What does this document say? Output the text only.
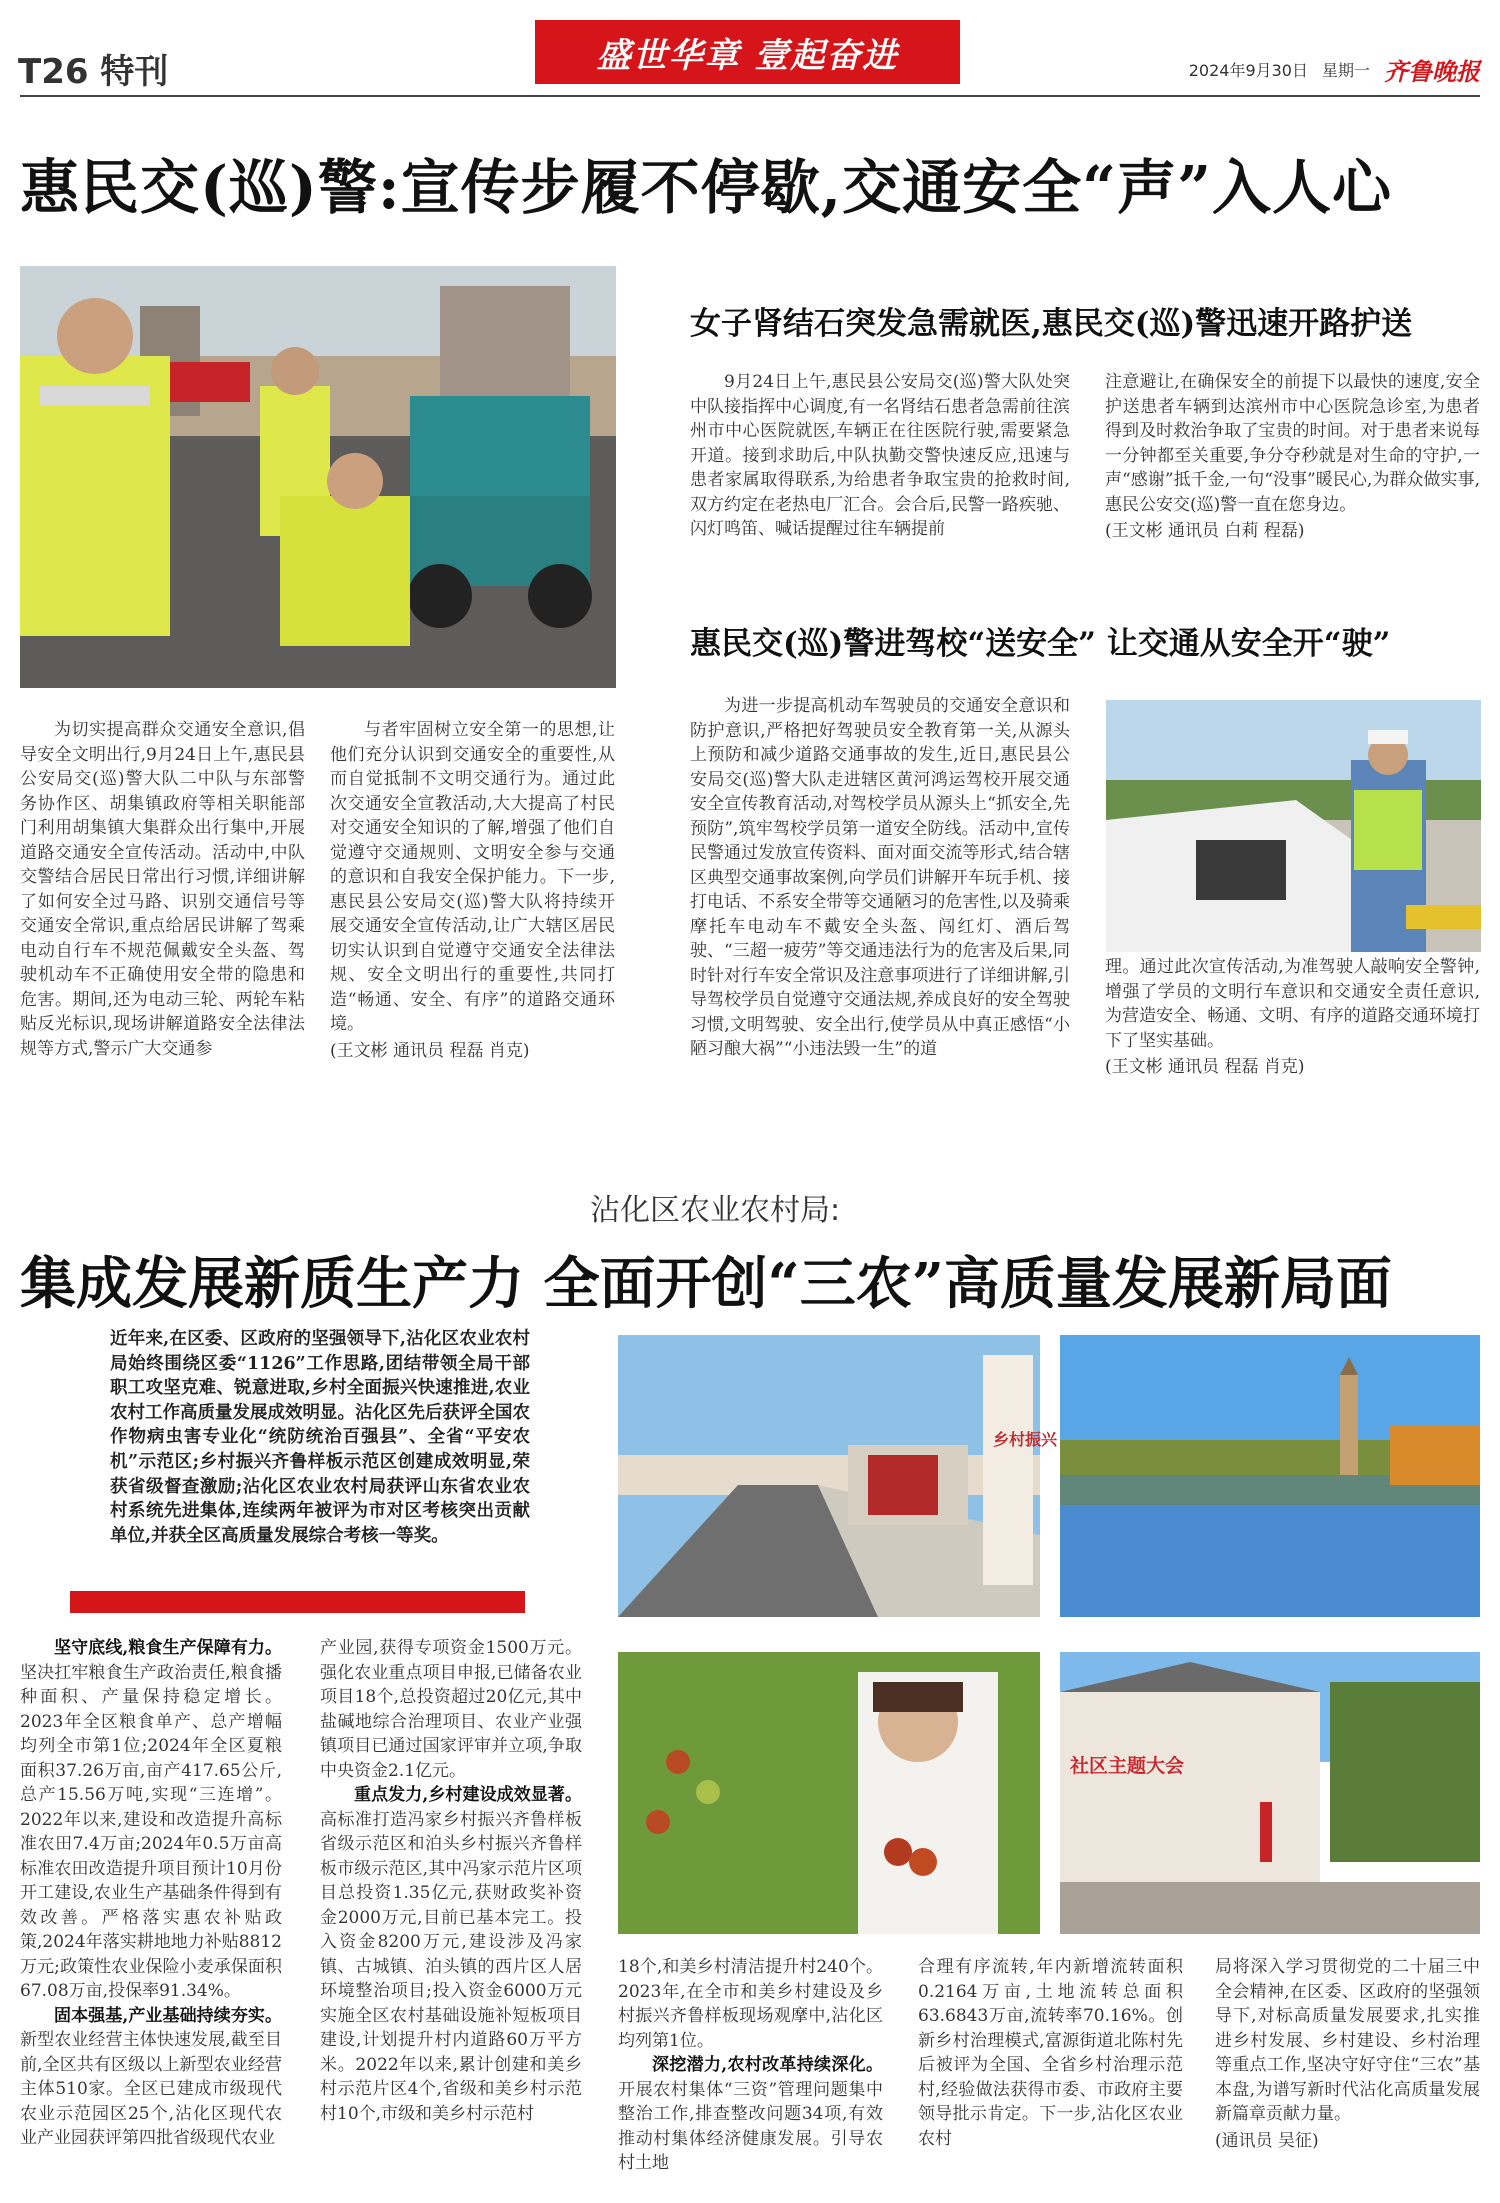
T26 特刊	盛世华章 壹起奋进	2024年9月30日 星期一 齐鲁晚报
惠民交(巡)警:宣传步履不停歇,交通安全“声”入人心

为切实提高群众交通安全意识,倡导安全文明出行,9月24日上午,惠民县公安局交(巡)警大队二中队与东部警务协作区、胡集镇政府等相关职能部门利用胡集镇大集群众出行集中,开展道路交通安全宣传活动。活动中,中队交警结合居民日常出行习惯,详细讲解了如何安全过马路、识别交通信号等交通安全常识,重点给居民讲解了驾乘电动自行车不规范佩戴安全头盔、驾驶机动车不正确使用安全带的隐患和危害。期间,还为电动三轮、两轮车粘贴反光标识,现场讲解道路安全法律法规等方式,警示广大交通参

与者牢固树立安全第一的思想,让他们充分认识到交通安全的重要性,从而自觉抵制不文明交通行为。通过此次交通安全宣教活动,大大提高了村民对交通安全知识的了解,增强了他们自觉遵守交通规则、文明安全参与交通的意识和自我安全保护能力。下一步,惠民县公安局交(巡)警大队将持续开展交通安全宣传活动,让广大辖区居民切实认识到自觉遵守交通安全法律法规、安全文明出行的重要性,共同打造“畅通、安全、有序”的道路交通环境。

(王文彬 通讯员 程磊 肖克)
女子肾结石突发急需就医,惠民交(巡)警迅速开路护送

9月24日上午,惠民县公安局交(巡)警大队处突中队接指挥中心调度,有一名肾结石患者急需前往滨州市中心医院就医,车辆正在往医院行驶,需要紧急开道。接到求助后,中队执勤交警快速反应,迅速与患者家属取得联系,为给患者争取宝贵的抢救时间,双方约定在老热电厂汇合。会合后,民警一路疾驰、闪灯鸣笛、喊话提醒过往车辆提前

注意避让,在确保安全的前提下以最快的速度,安全护送患者车辆到达滨州市中心医院急诊室,为患者得到及时救治争取了宝贵的时间。对于患者来说每一分钟都至关重要,争分夺秒就是对生命的守护,一声“感谢”抵千金,一句“没事”暖民心,为群众做实事,惠民公安交(巡)警一直在您身边。

(王文彬 通讯员 白莉 程磊)
惠民交(巡)警进驾校“送安全” 让交通从安全开“驶”

为进一步提高机动车驾驶员的交通安全意识和防护意识,严格把好驾驶员安全教育第一关,从源头上预防和减少道路交通事故的发生,近日,惠民县公安局交(巡)警大队走进辖区黄河鸿运驾校开展交通安全宣传教育活动,对驾校学员从源头上“抓安全,先预防”,筑牢驾校学员第一道安全防线。活动中,宣传民警通过发放宣传资料、面对面交流等形式,结合辖区典型交通事故案例,向学员们讲解开车玩手机、接打电话、不系安全带等交通陋习的危害性,以及骑乘摩托车电动车不戴安全头盔、闯红灯、酒后驾驶、“三超一疲劳”等交通违法行为的危害及后果,同时针对行车安全常识及注意事项进行了详细讲解,引导驾校学员自觉遵守交通法规,养成良好的安全驾驶习惯,文明驾驶、安全出行,使学员从中真正感悟“小陋习酿大祸”“小违法毁一生”的道

理。通过此次宣传活动,为准驾驶人敲响安全警钟,增强了学员的文明行车意识和交通安全责任意识,为营造安全、畅通、文明、有序的道路交通环境打下了坚实基础。

(王文彬 通讯员 程磊 肖克)
沾化区农业农村局:
集成发展新质生产力 全面开创“三农”高质量发展新局面
近年来,在区委、区政府的坚强领导下,沾化区农业农村局始终围绕区委“1126”工作思路,团结带领全局干部职工攻坚克难、锐意进取,乡村全面振兴快速推进,农业农村工作高质量发展成效明显。沾化区先后获评全国农作物病虫害专业化“统防统治百强县”、全省“平安农机”示范区;乡村振兴齐鲁样板示范区创建成效明显,荣获省级督查激励;沾化区农业农村局获评山东省农业农村系统先进集体,连续两年被评为市对区考核突出贡献单位,并获全区高质量发展综合考核一等奖。
乡村振兴
社区主题大会

坚守底线,粮食生产保障有力。坚决扛牢粮食生产政治责任,粮食播种面积、产量保持稳定增长。2023年全区粮食单产、总产增幅均列全市第1位;2024年全区夏粮面积37.26万亩,亩产417.65公斤,总产15.56万吨,实现“三连增”。2022年以来,建设和改造提升高标准农田7.4万亩;2024年0.5万亩高标准农田改造提升项目预计10月份开工建设,农业生产基础条件得到有效改善。严格落实惠农补贴政策,2024年落实耕地地力补贴8812万元;政策性农业保险小麦承保面积67.08万亩,投保率91.34%。

固本强基,产业基础持续夯实。新型农业经营主体快速发展,截至目前,全区共有区级以上新型农业经营主体510家。全区已建成市级现代农业示范园区25个,沾化区现代农业产业园获评第四批省级现代农业

产业园,获得专项资金1500万元。强化农业重点项目申报,已储备农业项目18个,总投资超过20亿元,其中盐碱地综合治理项目、农业产业强镇项目已通过国家评审并立项,争取中央资金2.1亿元。

重点发力,乡村建设成效显著。高标准打造冯家乡村振兴齐鲁样板省级示范区和泊头乡村振兴齐鲁样板市级示范区,其中冯家示范片区项目总投资1.35亿元,获财政奖补资金2000万元,目前已基本完工。投入资金8200万元,建设涉及冯家镇、古城镇、泊头镇的西片区人居环境整治项目;投入资金6000万元实施全区农村基础设施补短板项目建设,计划提升村内道路60万平方米。2022年以来,累计创建和美乡村示范片区4个,省级和美乡村示范村10个,市级和美乡村示范村

18个,和美乡村清洁提升村240个。2023年,在全市和美乡村建设及乡村振兴齐鲁样板现场观摩中,沾化区均列第1位。

深挖潜力,农村改革持续深化。开展农村集体“三资”管理问题集中整治工作,排查整改问题34项,有效推动村集体经济健康发展。引导农村土地

合理有序流转,年内新增流转面积0.2164万亩,土地流转总面积63.6843万亩,流转率70.16%。创新乡村治理模式,富源街道北陈村先后被评为全国、全省乡村治理示范村,经验做法获得市委、市政府主要领导批示肯定。下一步,沾化区农业农村

局将深入学习贯彻党的二十届三中全会精神,在区委、区政府的坚强领导下,对标高质量发展要求,扎实推进乡村发展、乡村建设、乡村治理等重点工作,坚决守好守住“三农”基本盘,为谱写新时代沾化高质量发展新篇章贡献力量。

(通讯员 吴征)
